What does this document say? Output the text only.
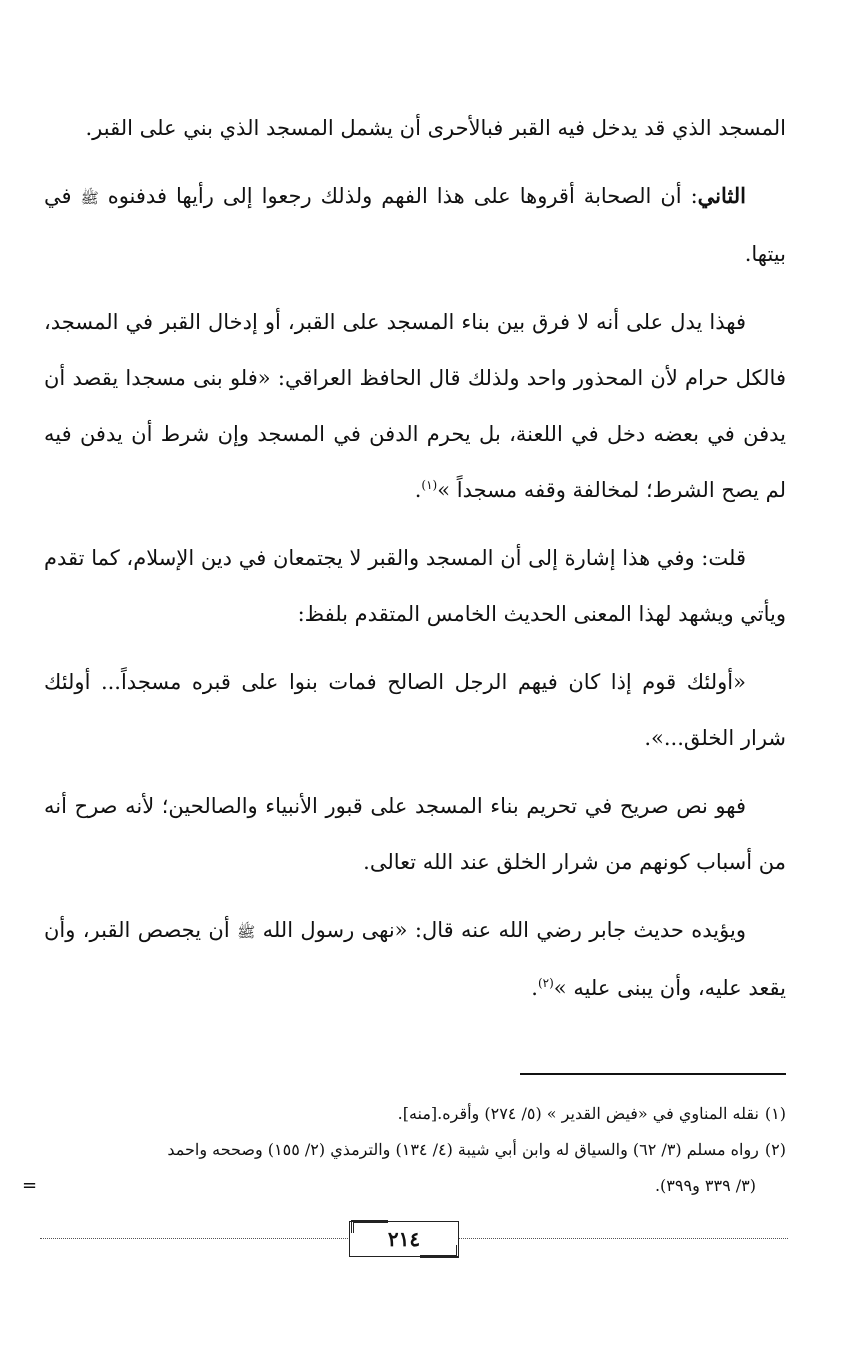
المسجد الذي قد يدخل فيه القبر فبالأحرى أن يشمل المسجد الذي بني على القبر.

الثاني: أن الصحابة أقروها على هذا الفهم ولذلك رجعوا إلى رأيها فدفنوه ﷺ في بيتها.

فهذا يدل على أنه لا فرق بين بناء المسجد على القبر، أو إدخال القبر في المسجد، فالكل حرام لأن المحذور واحد ولذلك قال الحافظ العراقي: «فلو بنى مسجدا يقصد أن يدفن في بعضه دخل في اللعنة، بل يحرم الدفن في المسجد وإن شرط أن يدفن فيه لم يصح الشرط؛ لمخالفة وقفه مسجداً »$^{(١)}$.

قلت: وفي هذا إشارة إلى أن المسجد والقبر لا يجتمعان في دين الإسلام، كما تقدم ويأتي ويشهد لهذا المعنى الحديث الخامس المتقدم بلفظ:

«أولئك قوم إذا كان فيهم الرجل الصالح فمات بنوا على قبره مسجداً... أولئك شرار الخلق...».

فهو نص صريح في تحريم بناء المسجد على قبور الأنبياء والصالحين؛ لأنه صرح أنه من أسباب كونهم من شرار الخلق عند الله تعالى.

ويؤيده حديث جابر رضي الله عنه قال: «نهى رسول الله ﷺ أن يجصص القبر، وأن يقعد عليه، وأن يبنى عليه »$^{(٢)}$.

(١)نقله المناوي في «فيض القدير » (٥/ ٢٧٤) وأقره.[منه].

(٢)رواه مسلم (٣/ ٦٢) والسياق له وابن أبي شيبة (٤/ ١٣٤) والترمذي (٢/ ١٥٥) وصححه واحمد

(٣/ ٣٣٩ و٣٩٩).

=
٢١٤
